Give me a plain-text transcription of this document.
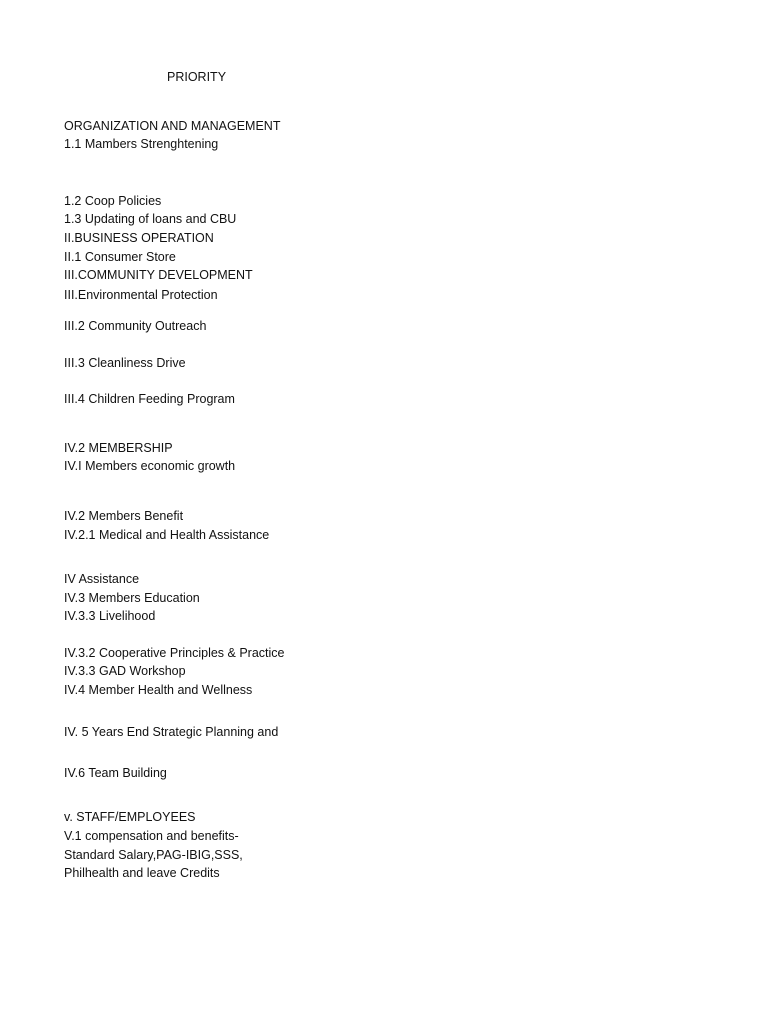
PRIORITY
ORGANIZATION AND MANAGEMENT
1.1 Mambers Strenghtening
1.2 Coop Policies
1.3 Updating of loans and CBU
II.BUSINESS OPERATION
II.1 Consumer Store
III.COMMUNITY DEVELOPMENT
III.Environmental Protection
III.2 Community Outreach
III.3 Cleanliness Drive
III.4 Children Feeding Program
IV.2 MEMBERSHIP
IV.I Members economic growth
IV.2 Members Benefit
IV.2.1 Medical and Health Assistance
IV Assistance
IV.3 Members Education
IV.3.3 Livelihood
IV.3.2 Cooperative Principles & Practice
IV.3.3 GAD Workshop
IV.4 Member Health and Wellness
IV. 5 Years End Strategic Planning and
IV.6 Team Building
v. STAFF/EMPLOYEES
V.1 compensation and benefits-
Standard Salary,PAG-IBIG,SSS,
Philhealth and leave Credits
